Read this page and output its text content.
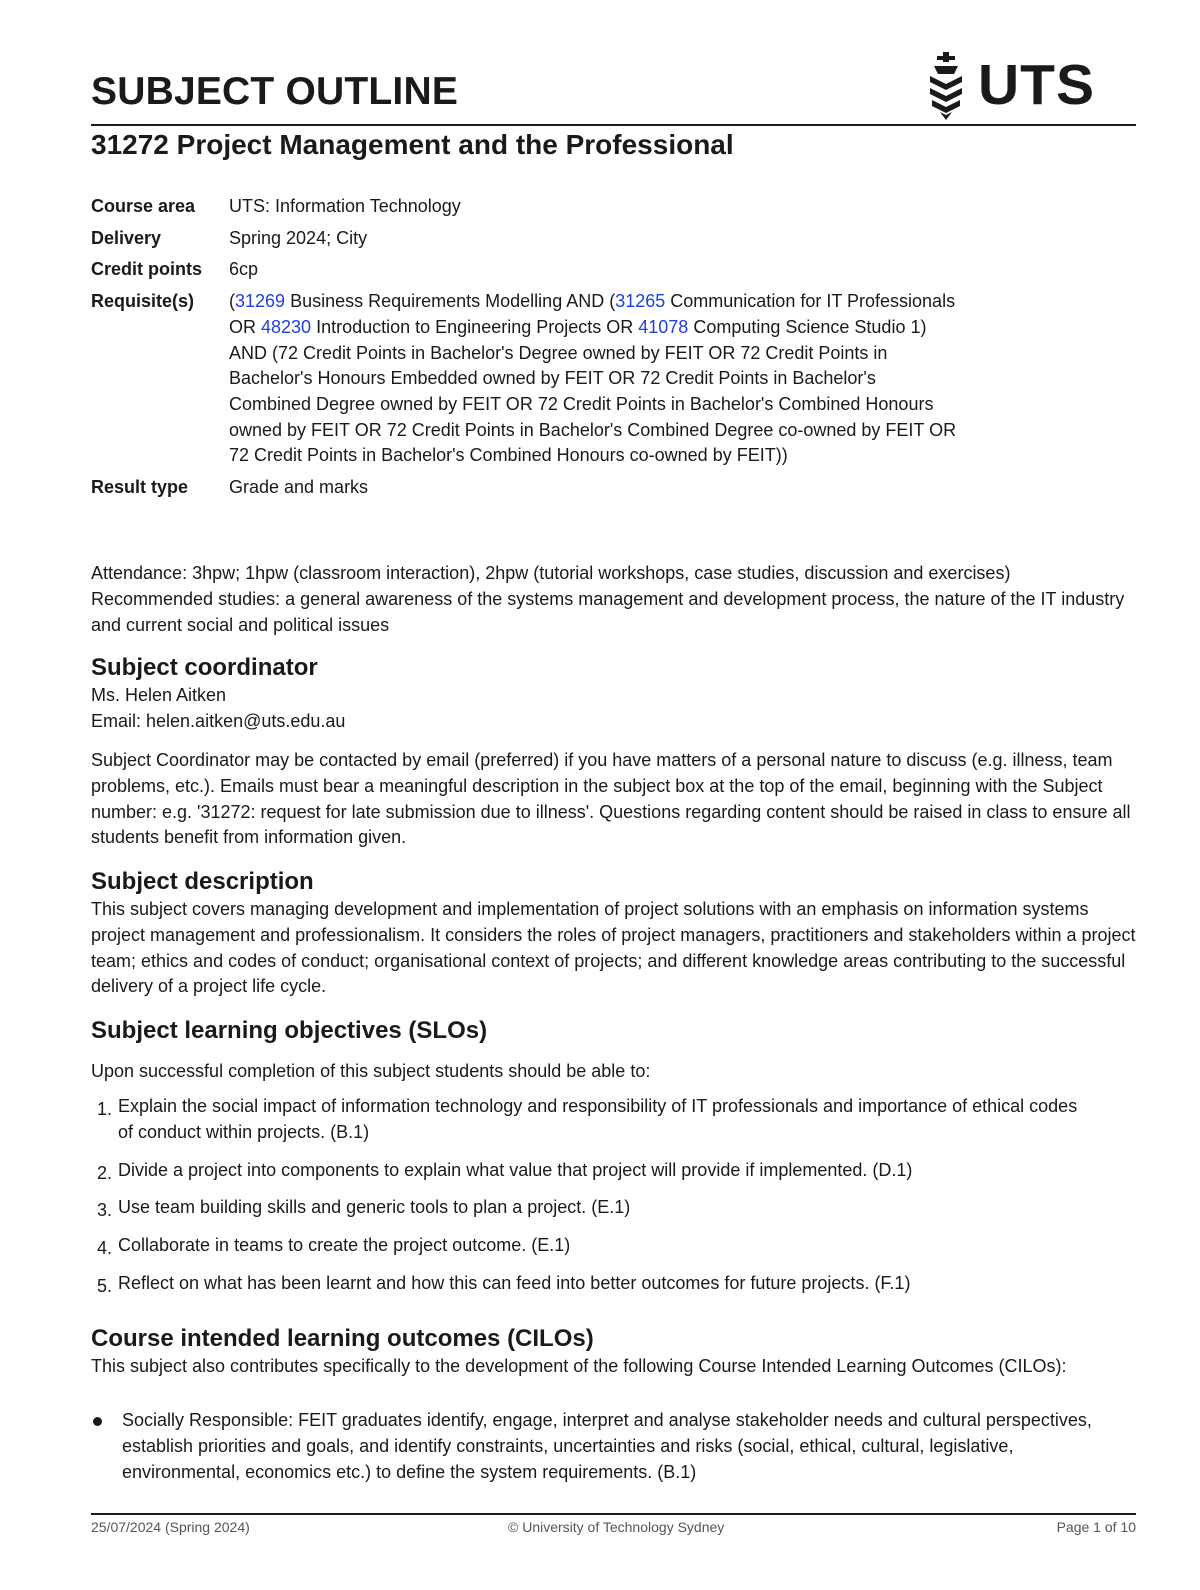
SUBJECT OUTLINE	UTS
31272 Project Management and the Professional
Course area	UTS: Information Technology
Delivery	Spring 2024; City
Credit points	6cp
Requisite(s)	(31269 Business Requirements Modelling AND (31265 Communication for IT Professionals OR 48230 Introduction to Engineering Projects OR 41078 Computing Science Studio 1) AND (72 Credit Points in Bachelor's Degree owned by FEIT OR 72 Credit Points in Bachelor's Honours Embedded owned by FEIT OR 72 Credit Points in Bachelor's Combined Degree owned by FEIT OR 72 Credit Points in Bachelor's Combined Honours owned by FEIT OR 72 Credit Points in Bachelor's Combined Degree co-owned by FEIT OR 72 Credit Points in Bachelor's Combined Honours co-owned by FEIT))

Result type	Grade and marks
Attendance: 3hpw; 1hpw (classroom interaction), 2hpw (tutorial workshops, case studies, discussion and exercises)
Recommended studies: a general awareness of the systems management and development process, the nature of the IT industry and current social and political issues
Subject coordinator
Ms. Helen Aitken
Email: helen.aitken@uts.edu.au

Subject Coordinator may be contacted by email (preferred) if you have matters of a personal nature to discuss (e.g. illness, team problems, etc.). Emails must bear a meaningful description in the subject box at the top of the email, beginning with the Subject number: e.g. '31272: request for late submission due to illness'. Questions regarding content should be raised in class to ensure all students benefit from information given.

Subject description

This subject covers managing development and implementation of project solutions with an emphasis on information systems project management and professionalism. It considers the roles of project managers, practitioners and stakeholders within a project team; ethics and codes of conduct; organisational context of projects; and different knowledge areas contributing to the successful delivery of a project life cycle.

Subject learning objectives (SLOs)

Upon successful completion of this subject students should be able to:

1. Explain the social impact of information technology and responsibility of IT professionals and importance of ethical codes of conduct within projects. (B.1)
2. Divide a project into components to explain what value that project will provide if implemented. (D.1)
3. Use team building skills and generic tools to plan a project. (E.1)
4. Collaborate in teams to create the project outcome. (E.1)
5. Reflect on what has been learnt and how this can feed into better outcomes for future projects. (F.1)
Course intended learning outcomes (CILOs)

This subject also contributes specifically to the development of the following Course Intended Learning Outcomes (CILOs):

Socially Responsible: FEIT graduates identify, engage, interpret and analyse stakeholder needs and cultural perspectives, establish priorities and goals, and identify constraints, uncertainties and risks (social, ethical, cultural, legislative, environmental, economics etc.) to define the system requirements. (B.1)
25/07/2024 (Spring 2024)	© University of Technology Sydney	Page 1 of 10
